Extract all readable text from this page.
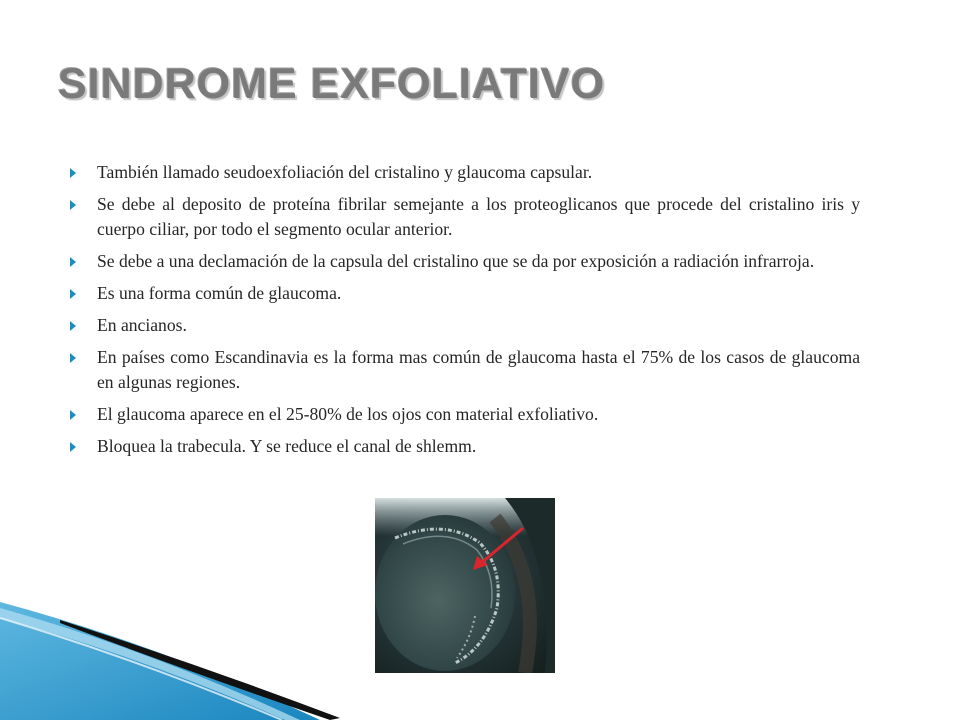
SINDROME EXFOLIATIVO
También llamado seudoexfoliación del cristalino y glaucoma capsular.
Se debe al deposito de proteína fibrilar semejante a los proteoglicanos que procede del cristalino iris y cuerpo ciliar, por todo el segmento ocular anterior.
Se debe a una declamación de la capsula del cristalino que se da por exposición a radiación infrarroja.
Es una forma común de glaucoma.
En ancianos.
En países como Escandinavia es la forma mas común de glaucoma hasta el 75% de los casos de glaucoma en algunas regiones.
El glaucoma aparece en el 25-80% de los ojos con material exfoliativo.
Bloquea la trabecula. Y se reduce el canal de shlemm.
